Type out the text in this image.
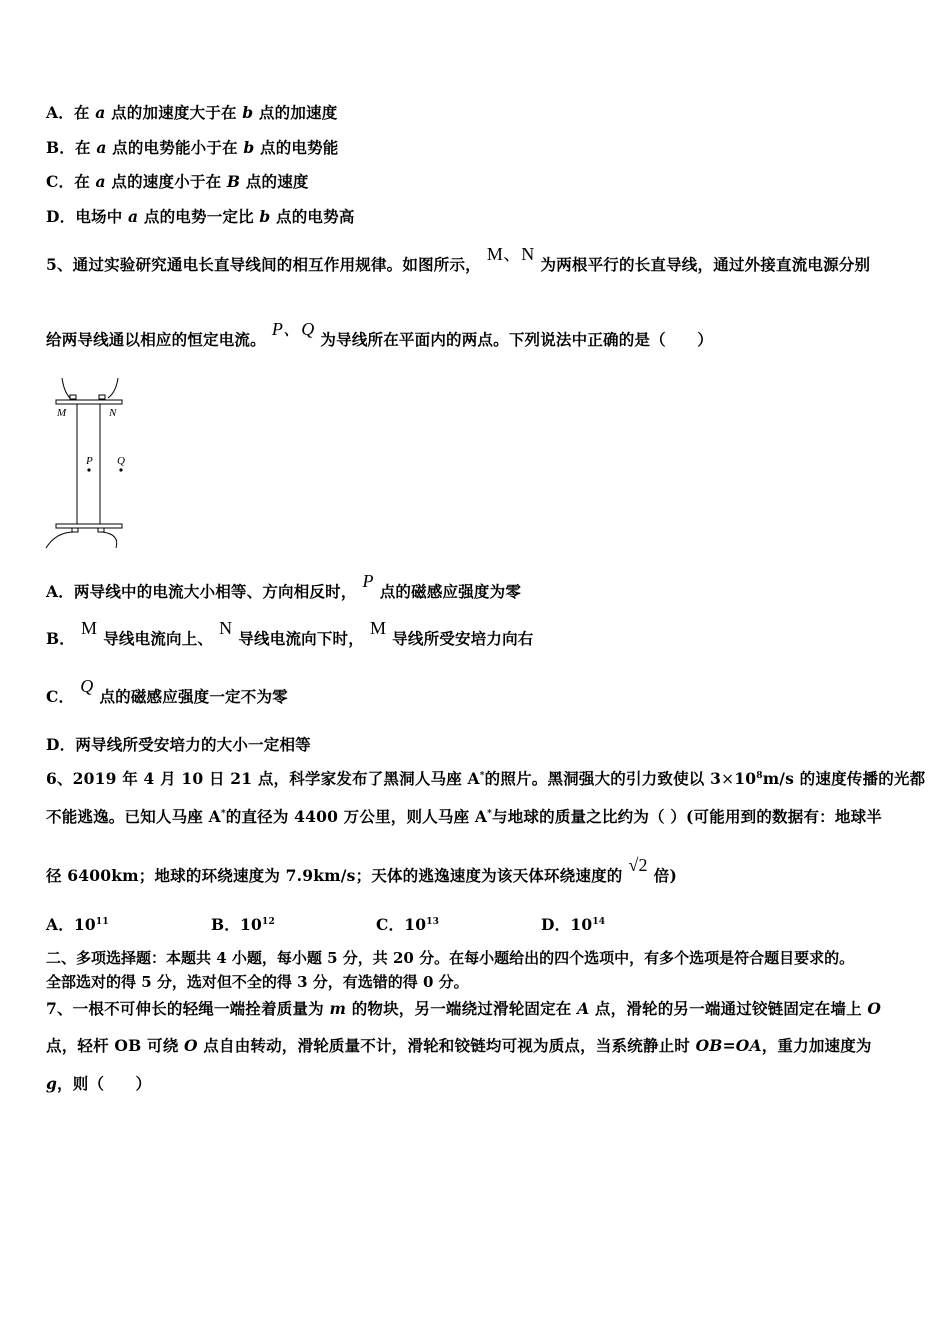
A．在 a 点的加速度大于在 b 点的加速度
B．在 a 点的电势能小于在 b 点的电势能
C．在 a 点的速度小于在 B 点的速度
D．电场中 a 点的电势一定比 b 点的电势高
5、通过实验研究通电长直导线间的相互作用规律。如图所示，M、N为两根平行的长直导线，通过外接直流电源分别
给两导线通以相应的恒定电流。P、Q为导线所在平面内的两点。下列说法中正确的是（　　）
M	N
P Q
A．两导线中的电流大小相等、方向相反时，P点的磁感应强度为零
B．M导线电流向上、N导线电流向下时，M导线所受安培力向右
C．Q点的磁感应强度一定不为零
D．两导线所受安培力的大小一定相等
6、2019 年 4 月 10 日 21 点，科学家发布了黑洞人马座 A*的照片。黑洞强大的引力致使以 $3\times 10^8m/s$ 的速度传播的光都
不能逃逸。已知人马座 A*的直径为 4400 万公里，则人马座 A*与地球的质量之比约为（ ）(可能用到的数据有：地球半
径 6400km；地球的环绕速度为 7.9km/s；天体的逃逸速度为该天体环绕速度的√2倍)
A．$10^{11}$	B．$10^{12}$	C．$10^{13}$	D．$10^{14}$
二、多项选择题：本题共 4 小题，每小题 5 分，共 20 分。在每小题给出的四个选项中，有多个选项是符合题目要求的。
全部选对的得 5 分，选对但不全的得 3 分，有选错的得 0 分。
7、一根不可伸长的轻绳一端拴着质量为 m 的物块，另一端绕过滑轮固定在 A 点，滑轮的另一端通过铰链固定在墙上 O
点，轻杆 OB 可绕 O 点自由转动，滑轮质量不计，滑轮和铰链均可视为质点，当系统静止时 OB=OA，重力加速度为
g，则（　　）
